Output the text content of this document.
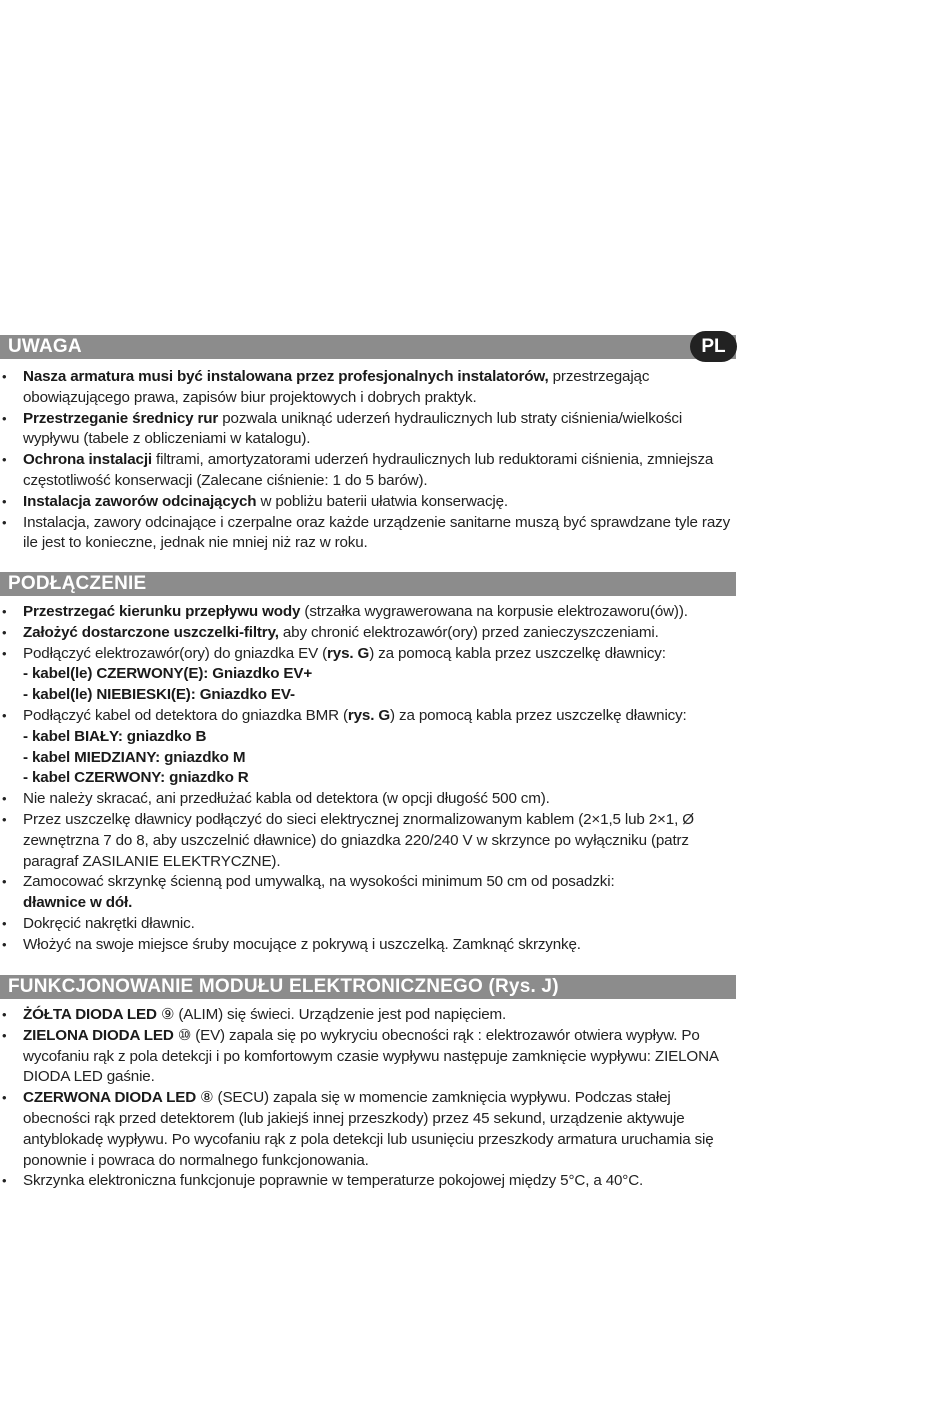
UWAGA
• Nasza armatura musi być instalowana przez profesjonalnych instalatorów, przestrzegając obowiązującego prawa, zapisów biur projektowych i dobrych praktyk.
• Przestrzeganie średnicy rur pozwala uniknąć uderzeń hydraulicznych lub straty ciśnienia/wielkości wypływu (tabele z obliczeniami w katalogu).
• Ochrona instalacji filtrami, amortyzatorami uderzeń hydraulicznych lub reduktorami ciśnienia, zmniejsza częstotliwość konserwacji (Zalecane ciśnienie: 1 do 5 barów).
• Instalacja zaworów odcinających w pobliżu baterii ułatwia konserwację.
• Instalacja, zawory odcinające i czerpalne oraz każde urządzenie sanitarne muszą być sprawdzane tyle razy ile jest to konieczne, jednak nie mniej niż raz w roku.
PL
PODŁĄCZENIE
• Przestrzegać kierunku przepływu wody (strzałka wygrawerowana na korpusie elektrozaworu(ów)).
• Założyć dostarczone uszczelki-filtry, aby chronić elektrozawór(ory) przed zanieczyszczeniami.
• Podłączyć elektrozawór(ory) do gniazdka EV (rys. G) za pomocą kabla przez uszczelkę dławnicy:
- kabel(le) CZERWONY(E): Gniazdko EV+
- kabel(le) NIEBIESKI(E): Gniazdko EV-
• Podłączyć kabel od detektora do gniazdka BMR (rys. G) za pomocą kabla przez uszczelkę dławnicy:
- kabel BIAŁY: gniazdko B
- kabel MIEDZIANY: gniazdko M
- kabel CZERWONY: gniazdko R
• Nie należy skracać, ani przedłużać kabla od detektora (w opcji długość 500 cm).
• Przez uszczelkę dławnicy podłączyć do sieci elektrycznej znormalizowanym kablem (2×1,5 lub 2×1, Ø zewnętrzna 7 do 8, aby uszczelnić dławnice) do gniazdka 220/240 V w skrzynce po wyłączniku (patrz paragraf ZASILANIE ELEKTRYCZNE).
• Zamocować skrzynkę ścienną pod umywalką, na wysokości minimum 50 cm od posadzki:
dławnice w dół.
• Dokręcić nakrętki dławnic.
• Włożyć na swoje miejsce śruby mocujące z pokrywą i uszczelką. Zamknąć skrzynkę.
FUNKCJONOWANIE MODUŁU ELEKTRONICZNEGO (Rys. J)
• ŻÓŁTA DIODA LED ⑨ (ALIM) się świeci. Urządzenie jest pod napięciem.
• ZIELONA DIODA LED ⑩ (EV) zapala się po wykryciu obecności rąk : elektrozawór otwiera wypływ. Po wycofaniu rąk z pola detekcji i po komfortowym czasie wypływu następuje zamknięcie wypływu: ZIELONA DIODA LED gaśnie.
• CZERWONA DIODA LED ⑧ (SECU) zapala się w momencie zamknięcia wypływu. Podczas stałej obecności rąk przed detektorem (lub jakiejś innej przeszkody) przez 45 sekund, urządzenie aktywuje antyblokadę wypływu. Po wycofaniu rąk z pola detekcji lub usunięciu przeszkody armatura uruchamia się ponownie i powraca do normalnego funkcjonowania.
• Skrzynka elektroniczna funkcjonuje poprawnie w temperaturze pokojowej między 5°C, a 40°C.
